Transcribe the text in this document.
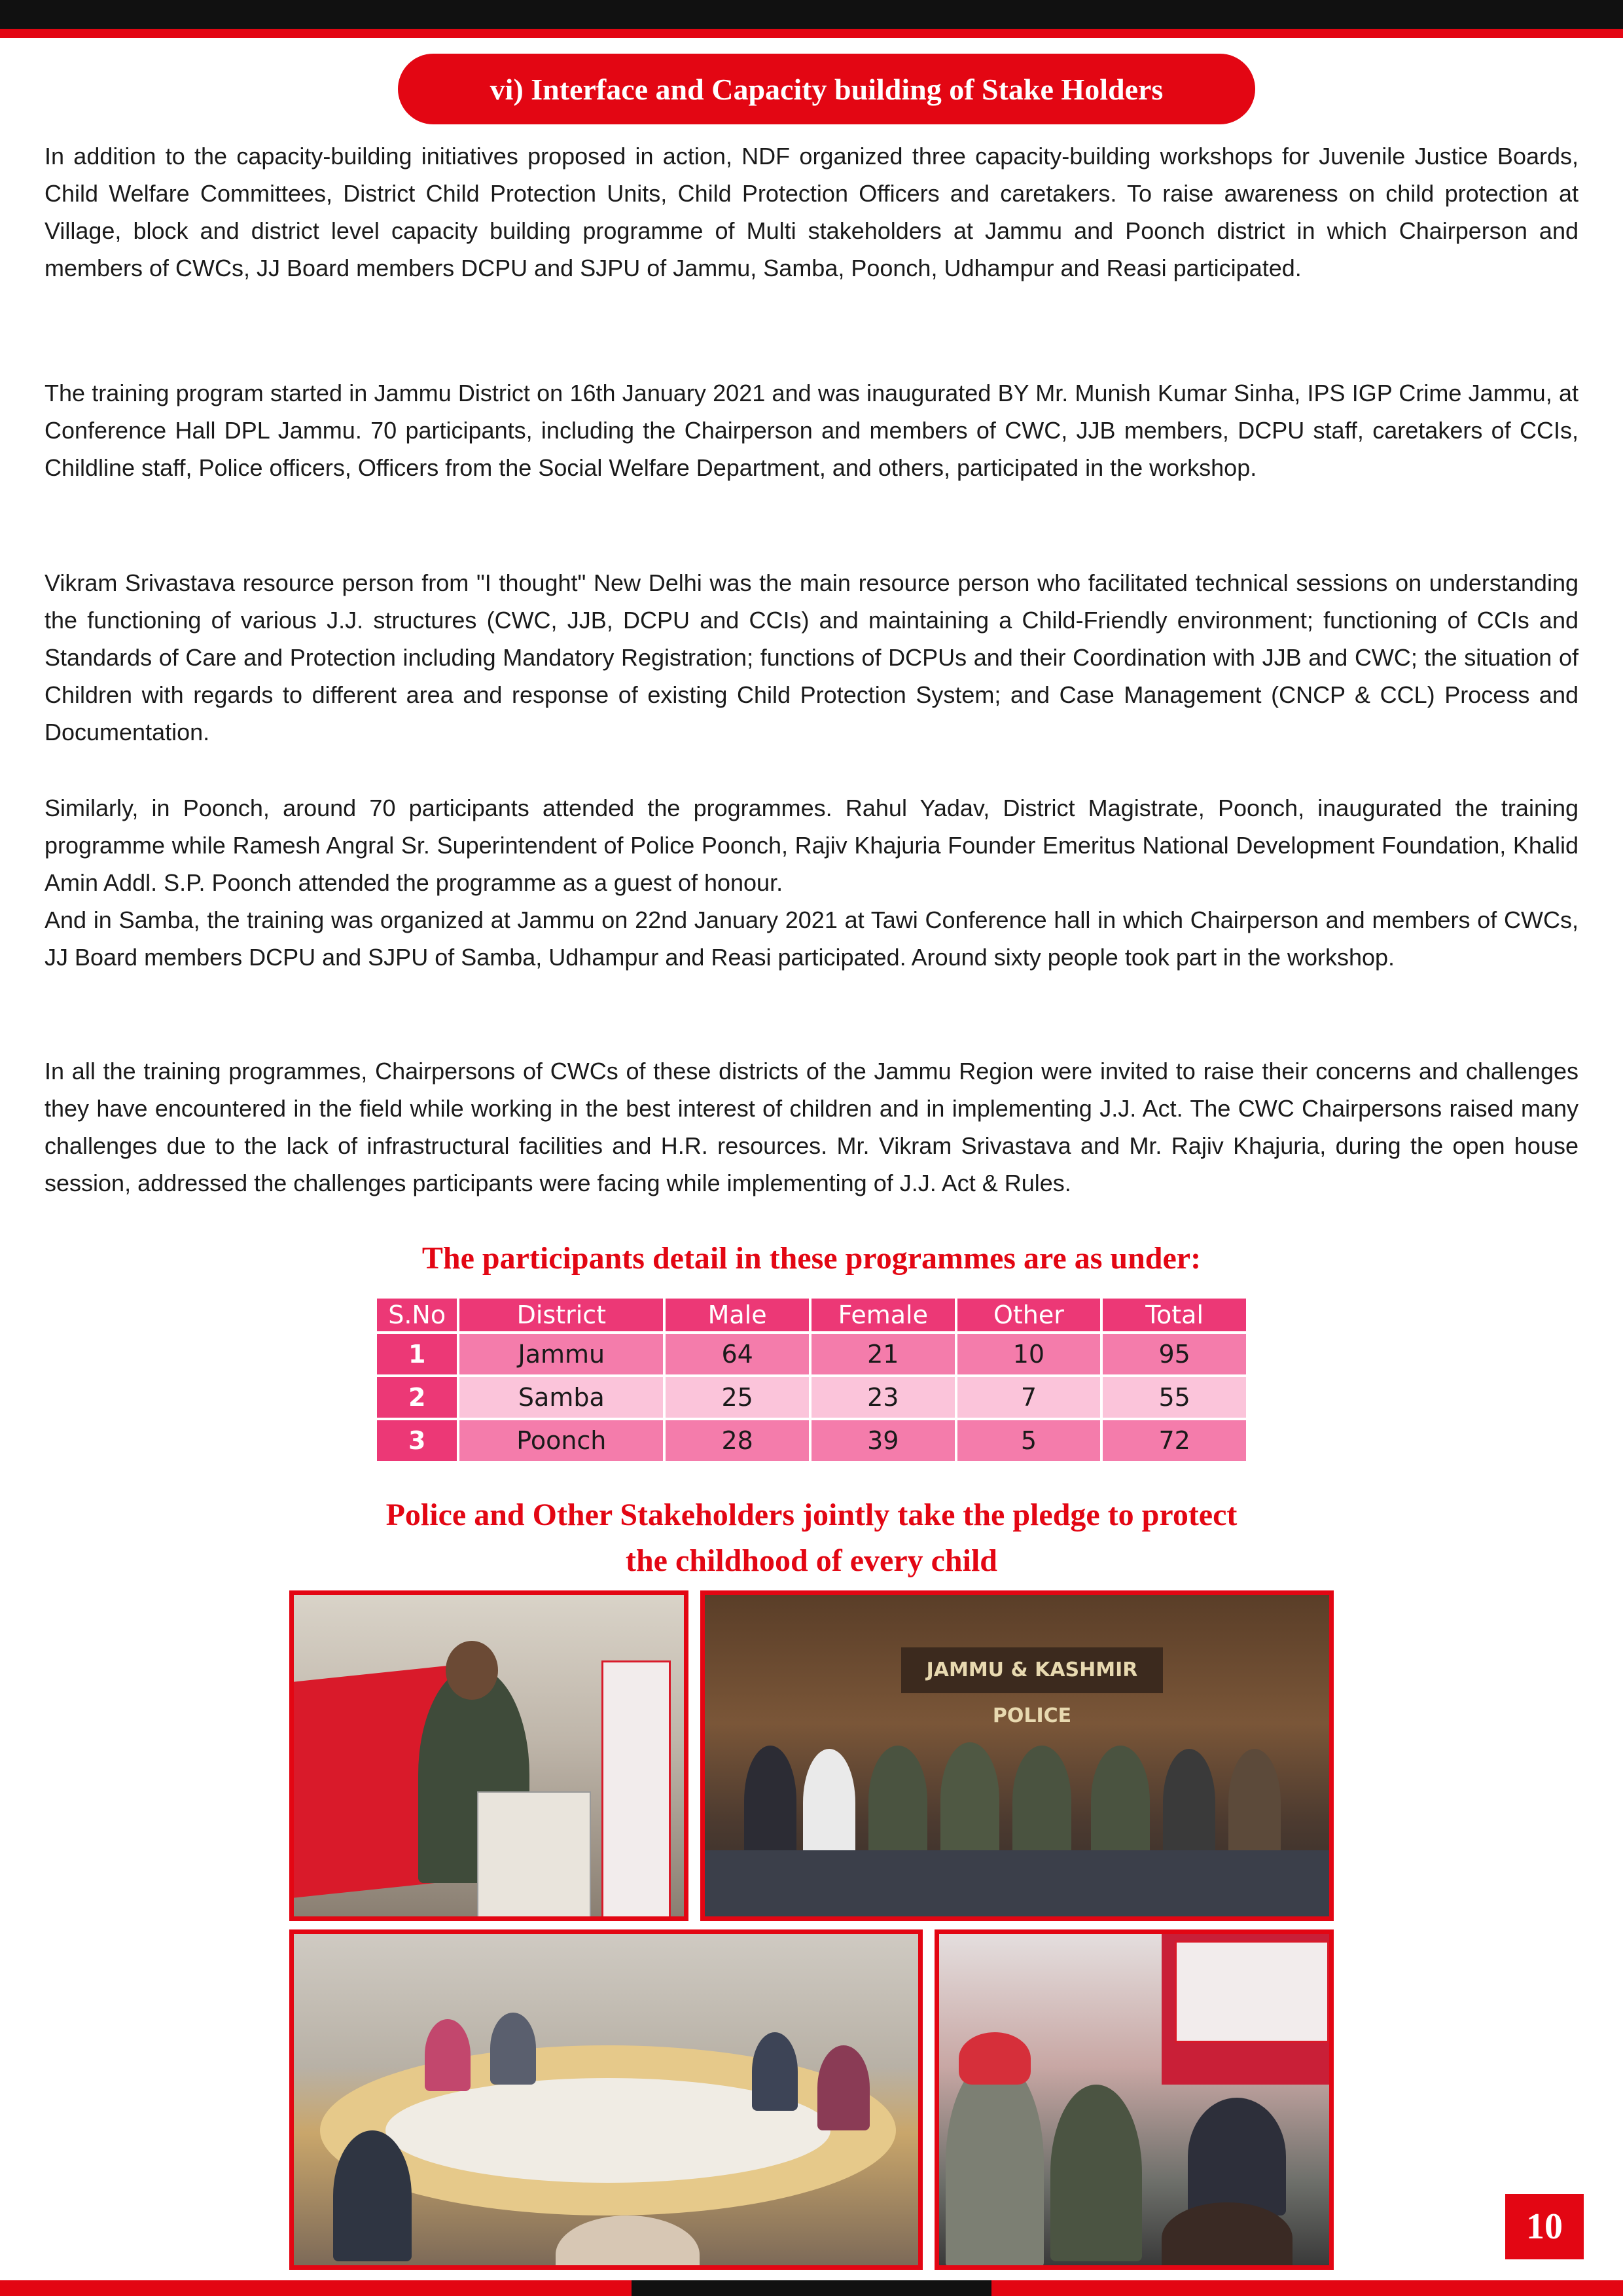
vi) Interface and Capacity building of Stake Holders

In addition to the capacity-building initiatives proposed in action, NDF organized three capacity-building workshops for Juvenile Justice Boards, Child Welfare Committees, District Child Protection Units, Child Protection Officers and caretakers. To raise awareness on child protection at Village, block and district level capacity building programme of Multi stakeholders at Jammu and Poonch district in which Chairperson and members of CWCs, JJ Board members DCPU and SJPU of Jammu, Samba, Poonch, Udhampur and Reasi participated.

The training program started in Jammu District on 16th January 2021 and was inaugurated BY Mr. Munish Kumar Sinha, IPS IGP Crime Jammu, at Conference Hall DPL Jammu. 70 participants, including the Chairperson and members of CWC, JJB members, DCPU staff, caretakers of CCIs, Childline staff, Police officers, Officers from the Social Welfare Department, and others, participated in the workshop.

Vikram Srivastava resource person from "I thought" New Delhi was the main resource person who facilitated technical sessions on understanding the functioning of various J.J. structures (CWC, JJB, DCPU and CCIs) and maintaining a Child-Friendly environment; functioning of CCIs and Standards of Care and Protection including Mandatory Registration; functions of DCPUs and their Coordination with JJB and CWC; the situation of Children with regards to different area and response of existing Child Protection System; and Case Management (CNCP & CCL) Process and Documentation.

Similarly, in Poonch, around 70 participants attended the programmes. Rahul Yadav, District Magistrate, Poonch, inaugurated the training programme while Ramesh Angral Sr. Superintendent of Police Poonch, Rajiv Khajuria Founder Emeritus National Development Foundation, Khalid Amin Addl. S.P. Poonch attended the programme as a guest of honour.

And in Samba, the training was organized at Jammu on 22nd January 2021 at Tawi Conference hall in which Chairperson and members of CWCs, JJ Board members DCPU and SJPU of Samba, Udhampur and Reasi participated. Around sixty people took part in the workshop.

In all the training programmes, Chairpersons of CWCs of these districts of the Jammu Region were invited to raise their concerns and challenges they have encountered in the field while working in the best interest of children and in implementing J.J. Act. The CWC Chairpersons raised many challenges due to the lack of infrastructural facilities and H.R. resources. Mr. Vikram Srivastava and Mr. Rajiv Khajuria, during the open house session, addressed the challenges participants were facing while implementing of J.J. Act & Rules.

The participants detail in these programmes are as under:
S.No	District	Male	Female	Other	Total
1	Jammu	64	21	10	95
2	Samba	25	23	7	55
3	Poonch	28	39	5	72
Police and Other Stakeholders jointly take the pledge to protect
the childhood of every child
JAMMU & KASHMIR POLICE
10
